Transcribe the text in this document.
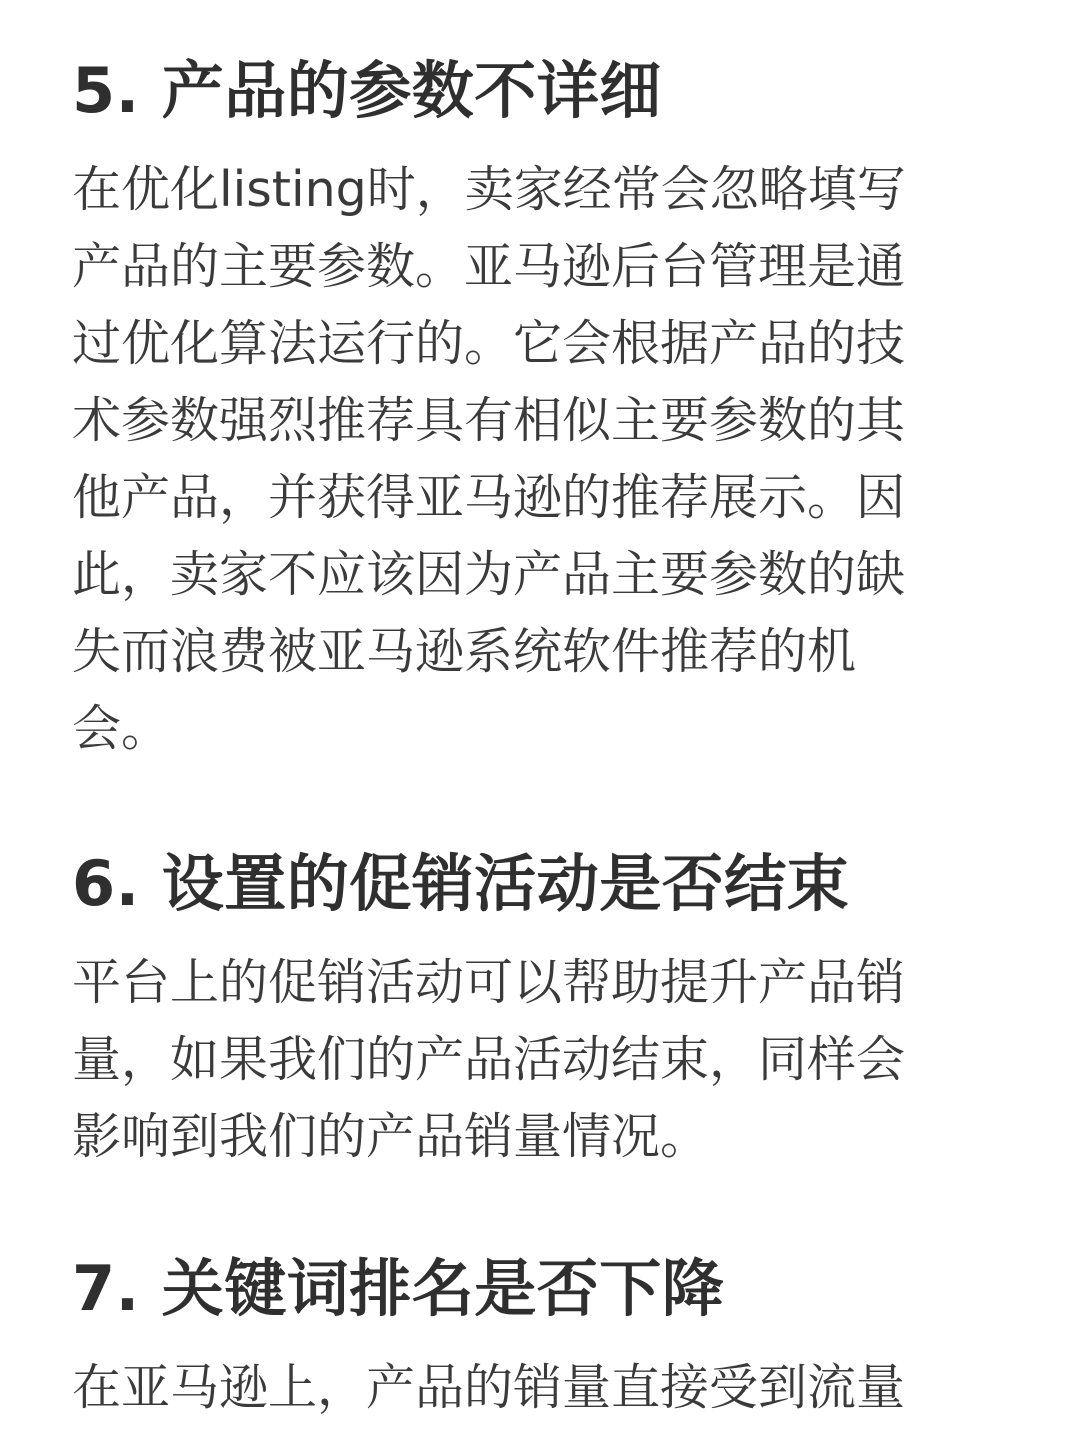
5. 产品的参数不详细

在优化listing时，卖家经常会忽略填写
产品的主要参数。亚马逊后台管理是通
过优化算法运行的。它会根据产品的技
术参数强烈推荐具有相似主要参数的其
他产品，并获得亚马逊的推荐展示。因
此，卖家不应该因为产品主要参数的缺
失而浪费被亚马逊系统软件推荐的机
会。

6. 设置的促销活动是否结束

平台上的促销活动可以帮助提升产品销
量，如果我们的产品活动结束，同样会
影响到我们的产品销量情况。

7. 关键词排名是否下降

在亚马逊上，产品的销量直接受到流量
